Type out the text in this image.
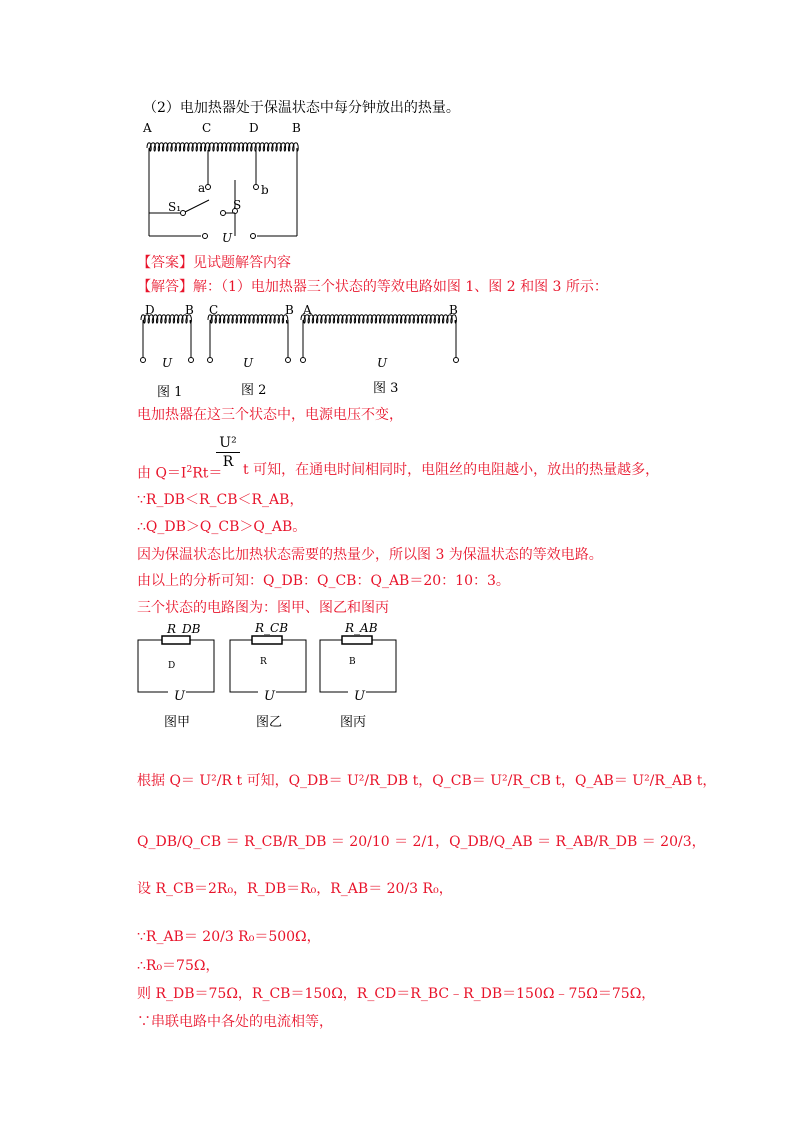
（2）电加热器处于保温状态中每分钟放出的热量。
A	C	D	B
a	b
S₁	S
U
【答案】见试题解答内容
【解答】解：（1）电加热器三个状态的等效电路如图 1、图 2 和图 3 所示：
D	B C	B A	B
U	U	U
图 1	图 2	图 3
电加热器在这三个状态中，电源电压不变，
由 $Q=I^2Rt=$
U²
R t 可知，在通电时间相同时，电阻丝的电阻越小，放出的热量越多，
∵R_DB＜R_CB＜R_AB，
∴Q_DB＞Q_CB＞Q_AB。
因为保温状态比加热状态需要的热量少，所以图 3 为保温状态的等效电路。
由以上的分析可知：Q_DB：Q_CB：Q_AB＝20：10：3。
三个状态的电路图为：图甲、图乙和图丙
R_DB	R_CB	R_AB
D	R	B
U	U	U
图甲	图乙	图丙
根据 Q＝ U²/R t 可知，Q_DB＝ U²/R_DB t，Q_CB＝ U²/R_CB t，Q_AB＝ U²/R_AB t，
Q_DB/Q_CB ＝ R_CB/R_DB ＝ 20/10 ＝ 2/1，Q_DB/Q_AB ＝ R_AB/R_DB ＝ 20/3，
设 R_CB＝2R₀，R_DB＝R₀，R_AB＝ 20/3 R₀，
∵R_AB＝ 20/3 R₀＝500Ω，
∴R₀＝75Ω，
则 R_DB＝75Ω，R_CB＝150Ω，R_CD＝R_BC﹣R_DB＝150Ω﹣75Ω＝75Ω，
∵串联电路中各处的电流相等，
